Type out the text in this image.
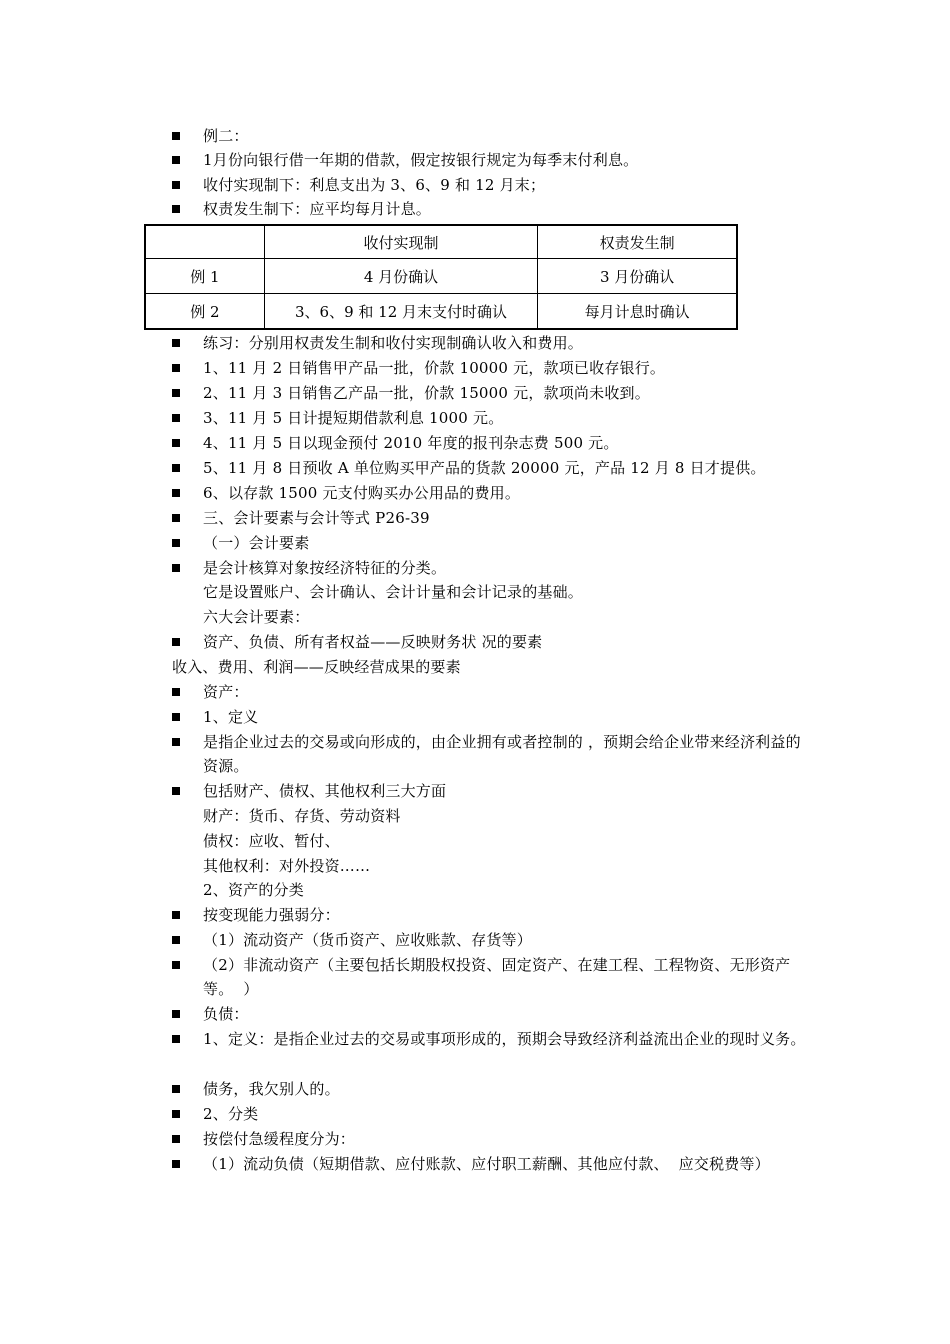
例二：
1月份向银行借一年期的借款，假定按银行规定为每季末付利息。
收付实现制下：利息支出为 3、6、9 和 12 月末；
权责发生制下：应平均每月计息。
	收付实现制	权责发生制
例 1	4 月份确认	3 月份确认
例 2	3、6、9 和 12 月末支付时确认	每月计息时确认
练习：分别用权责发生制和收付实现制确认收入和费用。
1、11 月 2 日销售甲产品一批，价款 10000 元，款项已收存银行。
2、11 月 3 日销售乙产品一批，价款 15000 元，款项尚未收到。
3、11 月 5 日计提短期借款利息 1000 元。
4、11 月 5 日以现金预付 2010 年度的报刊杂志费 500 元。
5、11 月 8 日预收 A 单位购买甲产品的货款 20000 元，产品 12 月 8 日才提供。
6、以存款 1500 元支付购买办公用品的费用。
三、会计要素与会计等式 P26-39
（一）会计要素
是会计核算对象按经济特征的分类。
它是设置账户、会计确认、会计计量和会计记录的基础。
六大会计要素：
资产、负债、所有者权益——反映财务状 况的要素
收入、费用、利润——反映经营成果的要素
资产：
1、定义
是指企业过去的交易或向形成的，由企业拥有或者控制的 ，预期会给企业带来经济利益的资源。
包括财产、债权、其他权利三大方面
财产：货币、存货、劳动资料
债权：应收、暂付、
其他权利：对外投资……
2、资产的分类
按变现能力强弱分：
（1）流动资产（货币资产、应收账款、存货等）
（2）非流动资产（主要包括长期股权投资、固定资产、在建工程、工程物资、无形资产等。  ）
负债：
1、定义：是指企业过去的交易或事项形成的，预期会导致经济利益流出企业的现时义务。
债务，我欠别人的。
2、分类
按偿付急缓程度分为：
（1）流动负债（短期借款、应付账款、应付职工薪酬、其他应付款、  应交税费等）
